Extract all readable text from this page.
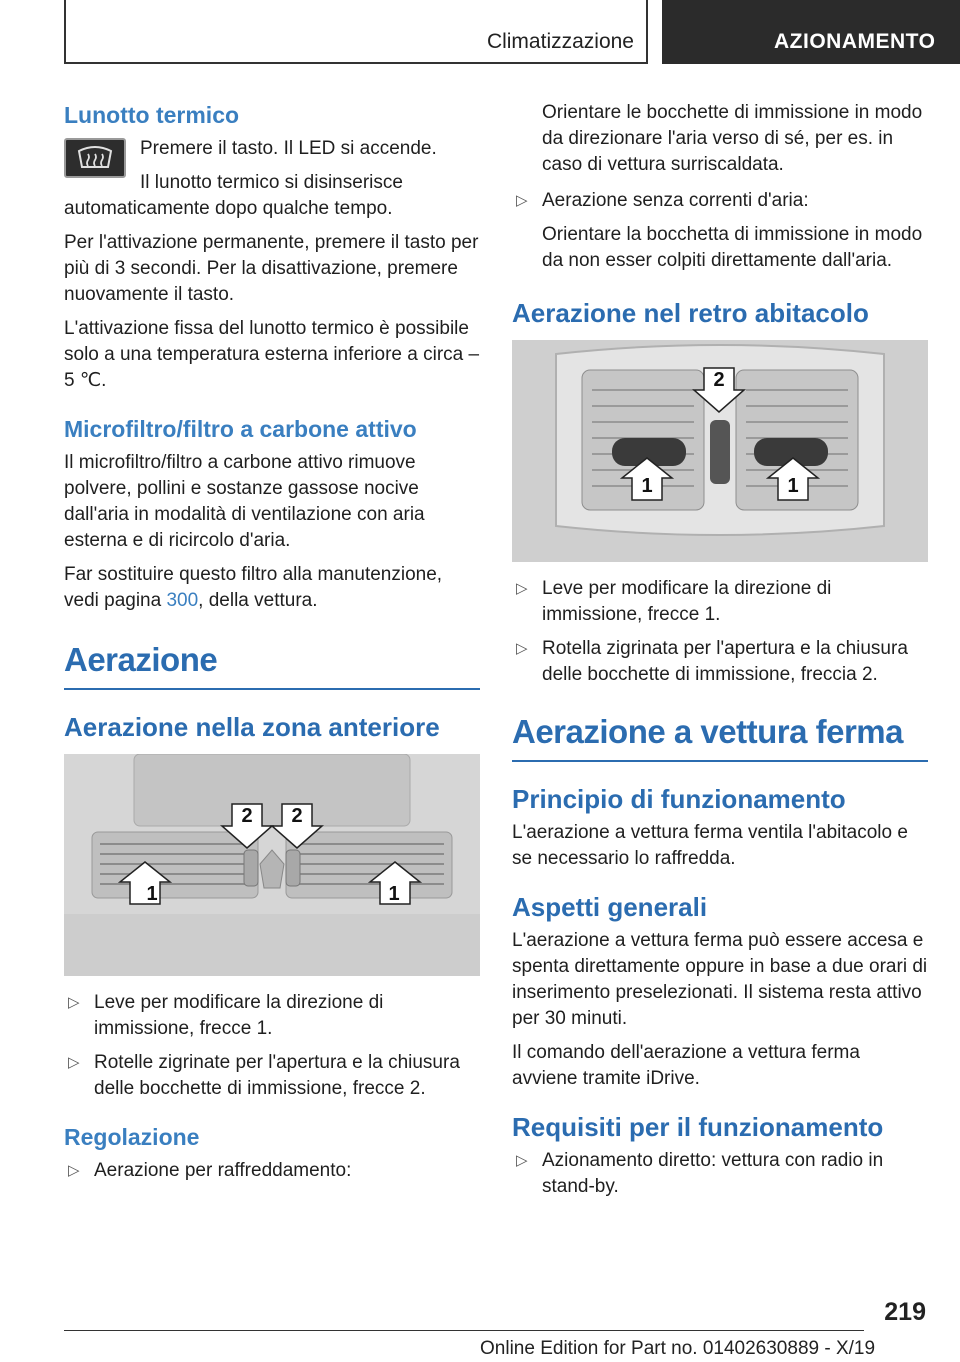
Climatizzazione	AZIONAMENTO
Lunotto termico

Premere il tasto. Il LED si accende.

Il lunotto termico si disinserisce automaticamente dopo qualche tempo.

Per l'attivazione permanente, premere il tasto per più di 3 secondi. Per la disattivazione, premere nuovamente il tasto.

L'attivazione fissa del lunotto termico è possibile solo a una temperatura esterna inferiore a circa – 5 ℃.

Microfiltro/filtro a carbone attivo

Il microfiltro/filtro a carbone attivo rimuove polvere, pollini e sostanze gassose nocive dall'aria in modalità di ventilazione con aria esterna e di ricircolo d'aria.

Far sostituire questo filtro alla manutenzione, vedi pagina 300, della vettura.

Aerazione
Aerazione nella zona anteriore
2 2
1	1
▷ Leve per modificare la direzione di immissione, frecce 1.
▷ Rotelle zigrinate per l'apertura e la chiusura delle bocchette di immissione, frecce 2.
Regolazione
▷ Aerazione per raffreddamento:

Orientare le bocchette di immissione in modo da direzionare l'aria verso di sé, per es. in caso di vettura surriscaldata.

▷ Aerazione senza correnti d'aria:

Orientare la bocchetta di immissione in modo da non esser colpiti direttamente dall'aria.

Aerazione nel retro abitacolo
2
1	1
▷ Leve per modificare la direzione di immissione, frecce 1.
▷ Rotella zigrinata per l'apertura e la chiusura delle bocchette di immissione, freccia 2.
Aerazione a vettura ferma
Principio di funzionamento

L'aerazione a vettura ferma ventila l'abitacolo e se necessario lo raffredda.

Aspetti generali

L'aerazione a vettura ferma può essere accesa e spenta direttamente oppure in base a due orari di inserimento preselezionati. Il sistema resta attivo per 30 minuti.

Il comando dell'aerazione a vettura ferma avviene tramite iDrive.

Requisiti per il funzionamento
▷ Azionamento diretto: vettura con radio in stand-by.
219
Online Edition for Part no. 01402630889 - X/19
